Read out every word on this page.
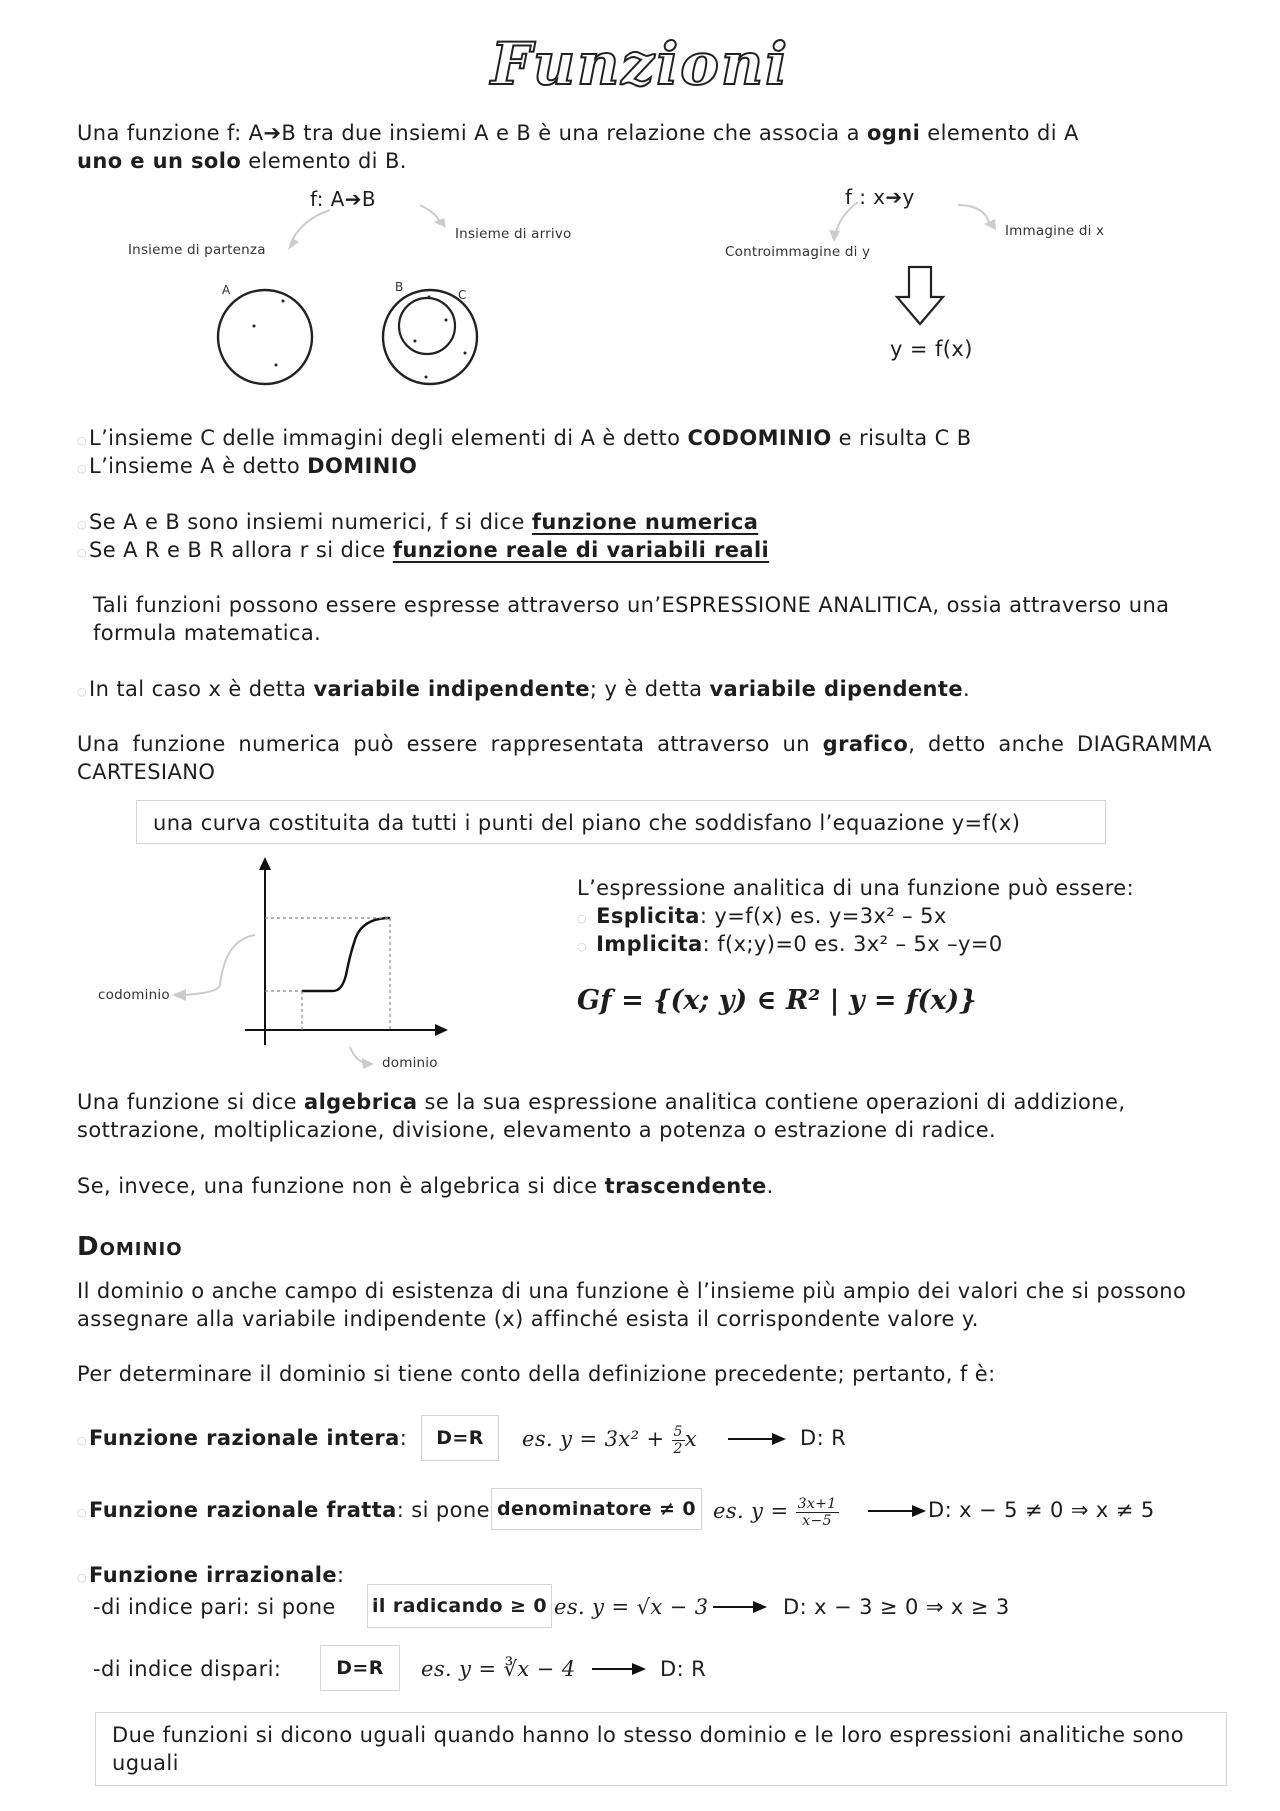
Funzioni
Una funzione f: A➔B tra due insiemi A e B è una relazione che associa a ogni elemento di A
uno e un solo elemento di B.
f: A➔B
Insieme di partenza
Insieme di arrivo
A	B
C
f : x➔y
Controimmagine di y
Immagine di x
y = f(x)
○L’insieme C delle immagini degli elementi di A è detto CODOMINIO e risulta C B
○L’insieme A è detto DOMINIO
○Se A e B sono insiemi numerici, f si dice funzione numerica
○Se A R e B R allora r si dice funzione reale di variabili reali
Tali funzioni possono essere espresse attraverso un’ESPRESSIONE ANALITICA, ossia attraverso una formula matematica.
○In tal caso x è detta variabile indipendente; y è detta variabile dipendente.
Una funzione numerica può essere rappresentata attraverso un grafico, detto anche DIAGRAMMA CARTESIANO
una curva costituita da tutti i punti del piano che soddisfano l’equazione y=f(x)
codominio
dominio
L’espressione analitica di una funzione può essere:
○ Esplicita: y=f(x) es. y=3x² – 5x
○ Implicita: f(x;y)=0 es. 3x² – 5x –y=0
Gf = {(x; y) ∈ R² | y = f(x)}
Una funzione si dice algebrica se la sua espressione analitica contiene operazioni di addizione, sottrazione, moltiplicazione, divisione, elevamento a potenza o estrazione di radice.
Se, invece, una funzione non è algebrica si dice trascendente.
Dominio
Il dominio o anche campo di esistenza di una funzione è l’insieme più ampio dei valori che si possono assegnare alla variabile indipendente (x) affinché esista il corrispondente valore y.
Per determinare il dominio si tiene conto della definizione precedente; pertanto, f è:
○Funzione razionale intera:	D=R	es. $y = 3x^2 + \frac{5}{2}$ x	D: R
○Funzione razionale fratta: si pone denominatore ≠ 0 es. $y = \frac{3x+1}{x-5}$	D: x − 5 ≠ 0 ⇒ x ≠ 5
○Funzione irrazionale:
-di indice pari: si pone il radicando ≥ 0 es. y = √x − 3	D: x − 3 ≥ 0 ⇒ x ≥ 3
-di indice dispari:	D=R	es. y = ∛x − 4	D: R
Due funzioni si dicono uguali quando hanno lo stesso dominio e le loro espressioni analitiche sono uguali
